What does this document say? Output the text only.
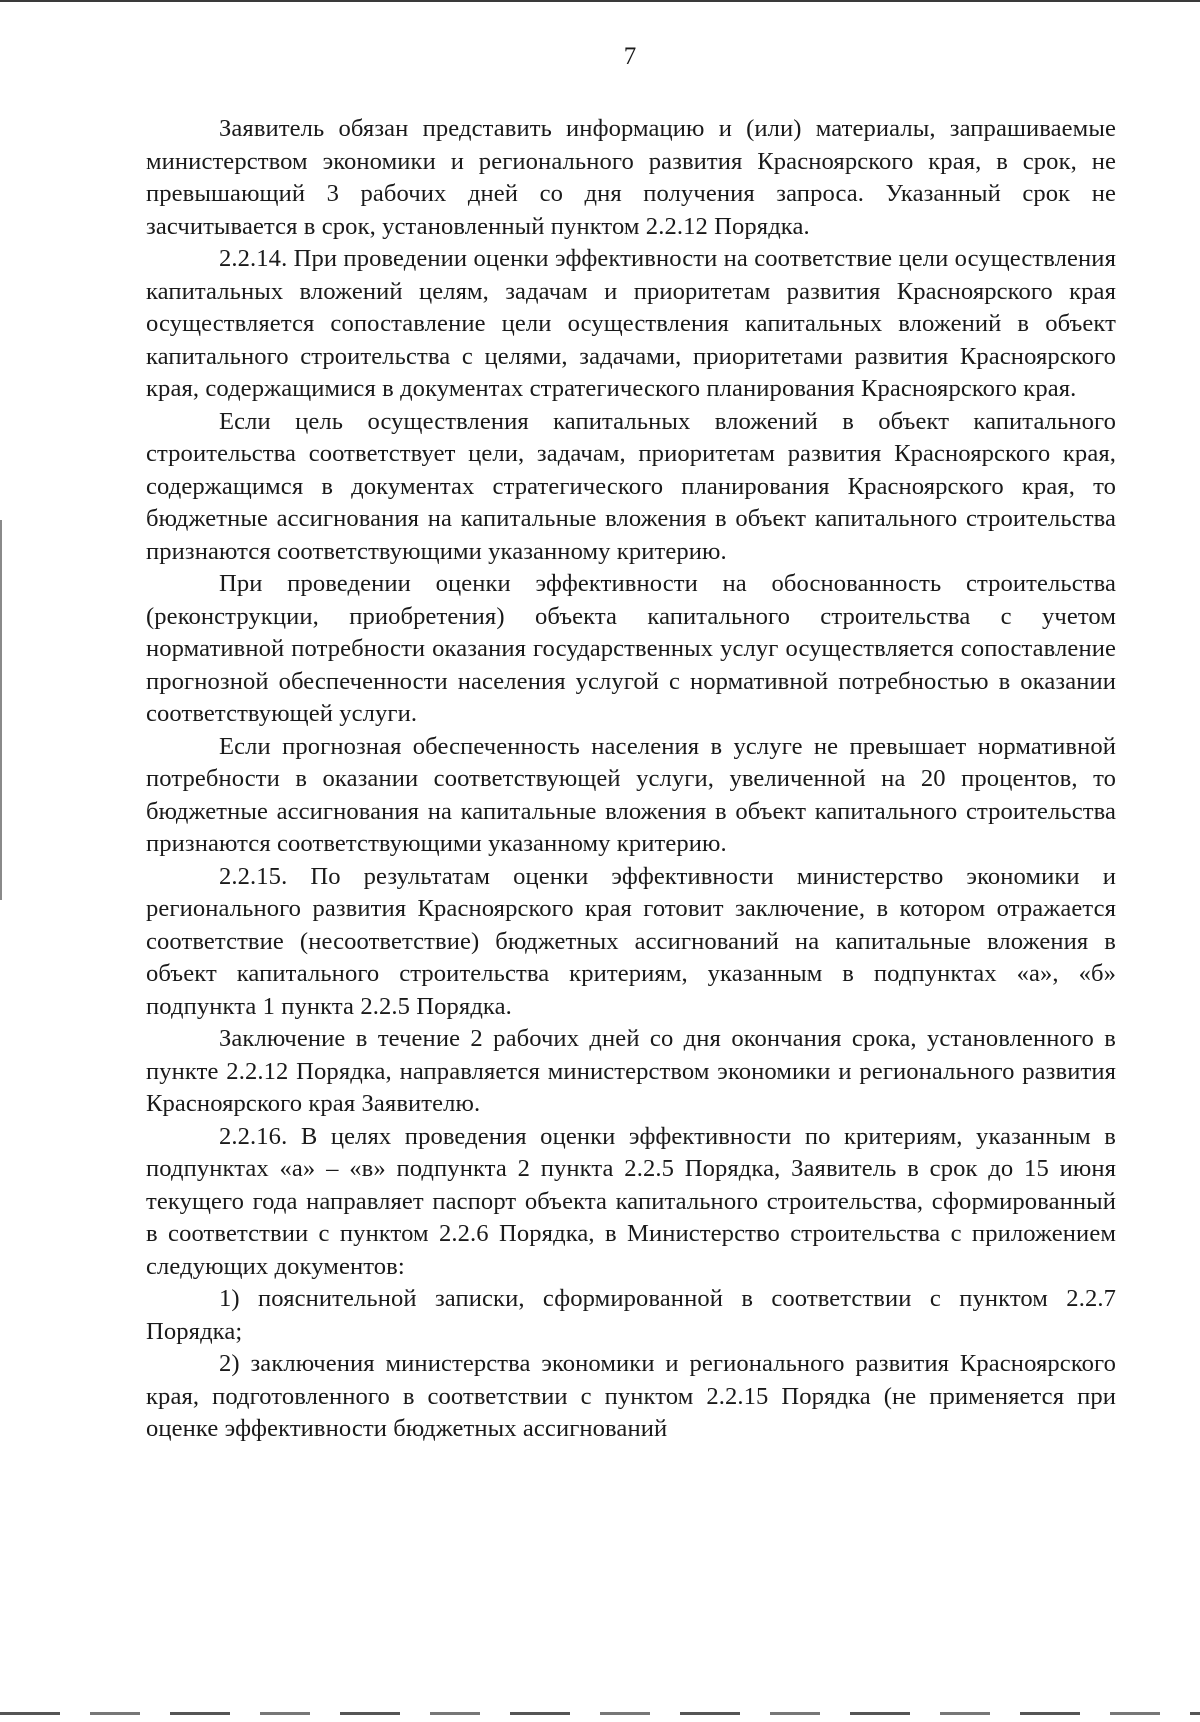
7

Заявитель обязан представить информацию и (или) материалы, запрашиваемые министерством экономики и регионального развития Красноярского края, в срок, не превышающий 3 рабочих дней со дня получения запроса. Указанный срок не засчитывается в срок, установленный пунктом 2.2.12 Порядка.

2.2.14. При проведении оценки эффективности на соответствие цели осуществления капитальных вложений целям, задачам и приоритетам развития Красноярского края осуществляется сопоставление цели осуществления капитальных вложений в объект капитального строительства с целями, задачами, приоритетами развития Красноярского края, содержащимися в документах стратегического планирования Красноярского края.

Если цель осуществления капитальных вложений в объект капитального строительства соответствует цели, задачам, приоритетам развития Красноярского края, содержащимся в документах стратегического планирования Красноярского края, то бюджетные ассигнования на капитальные вложения в объект капитального строительства признаются соответствующими указанному критерию.

При проведении оценки эффективности на обоснованность строительства (реконструкции, приобретения) объекта капитального строительства с учетом нормативной потребности оказания государственных услуг осуществляется сопоставление прогнозной обеспеченности населения услугой с нормативной потребностью в оказании соответствующей услуги.

Если прогнозная обеспеченность населения в услуге не превышает нормативной потребности в оказании соответствующей услуги, увеличенной на 20 процентов, то бюджетные ассигнования на капитальные вложения в объект капитального строительства признаются соответствующими указанному критерию.

2.2.15. По результатам оценки эффективности министерство экономики и регионального развития Красноярского края готовит заключение, в котором отражается соответствие (несоответствие) бюджетных ассигнований на капитальные вложения в объект капитального строительства критериям, указанным в подпунктах «а», «б» подпункта 1 пункта 2.2.5 Порядка.

Заключение в течение 2 рабочих дней со дня окончания срока, установленного в пункте 2.2.12 Порядка, направляется министерством экономики и регионального развития Красноярского края Заявителю.

2.2.16. В целях проведения оценки эффективности по критериям, указанным в подпунктах «а» – «в» подпункта 2 пункта 2.2.5 Порядка, Заявитель в срок до 15 июня текущего года направляет паспорт объекта капитального строительства, сформированный в соответствии с пунктом 2.2.6 Порядка, в Министерство строительства с приложением следующих документов:

1) пояснительной записки, сформированной в соответствии с пунктом 2.2.7 Порядка;

2) заключения министерства экономики и регионального развития Красноярского края, подготовленного в соответствии с пунктом 2.2.15 Порядка (не применяется при оценке эффективности бюджетных ассигнований
